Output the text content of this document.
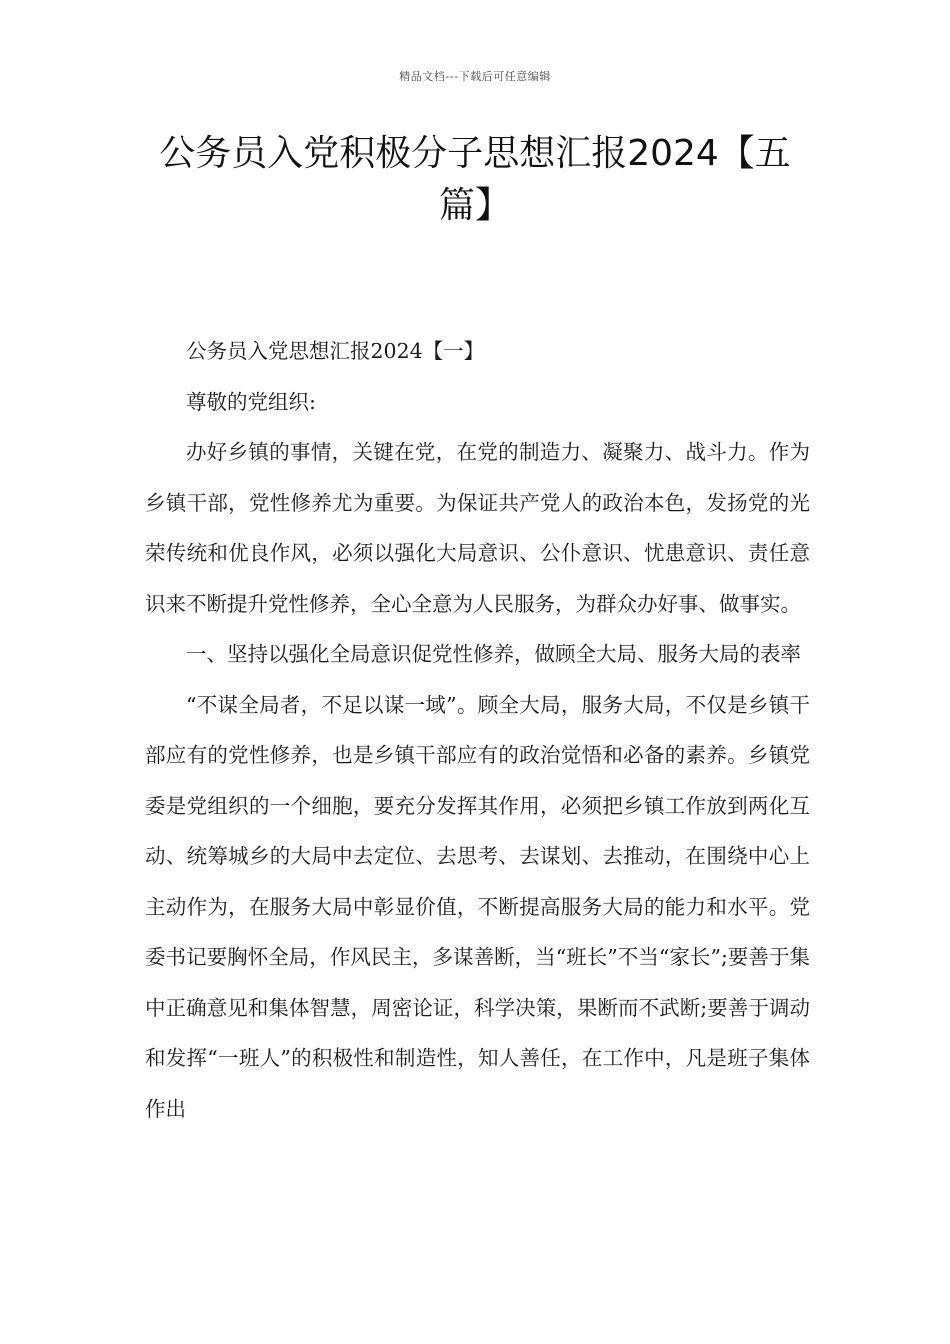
精品文档---下载后可任意编辑
公务员入党积极分子思想汇报2024【五篇】

公务员入党思想汇报2024【一】

尊敬的党组织:

办好乡镇的事情，关键在党，在党的制造力、凝聚力、战斗力。作为乡镇干部，党性修养尤为重要。为保证共产党人的政治本色，发扬党的光荣传统和优良作风，必须以强化大局意识、公仆意识、忧患意识、责任意识来不断提升党性修养，全心全意为人民服务，为群众办好事、做事实。

一、坚持以强化全局意识促党性修养，做顾全大局、服务大局的表率

“不谋全局者，不足以谋一域”。顾全大局，服务大局，不仅是乡镇干部应有的党性修养，也是乡镇干部应有的政治觉悟和必备的素养。乡镇党委是党组织的一个细胞，要充分发挥其作用，必须把乡镇工作放到两化互动、统筹城乡的大局中去定位、去思考、去谋划、去推动，在围绕中心上主动作为，在服务大局中彰显价值，不断提高服务大局的能力和水平。党委书记要胸怀全局，作风民主，多谋善断，当“班长”不当“家长”;要善于集中正确意见和集体智慧，周密论证，科学决策，果断而不武断;要善于调动和发挥“一班人”的积极性和制造性，知人善任，在工作中，凡是班子集体作出
